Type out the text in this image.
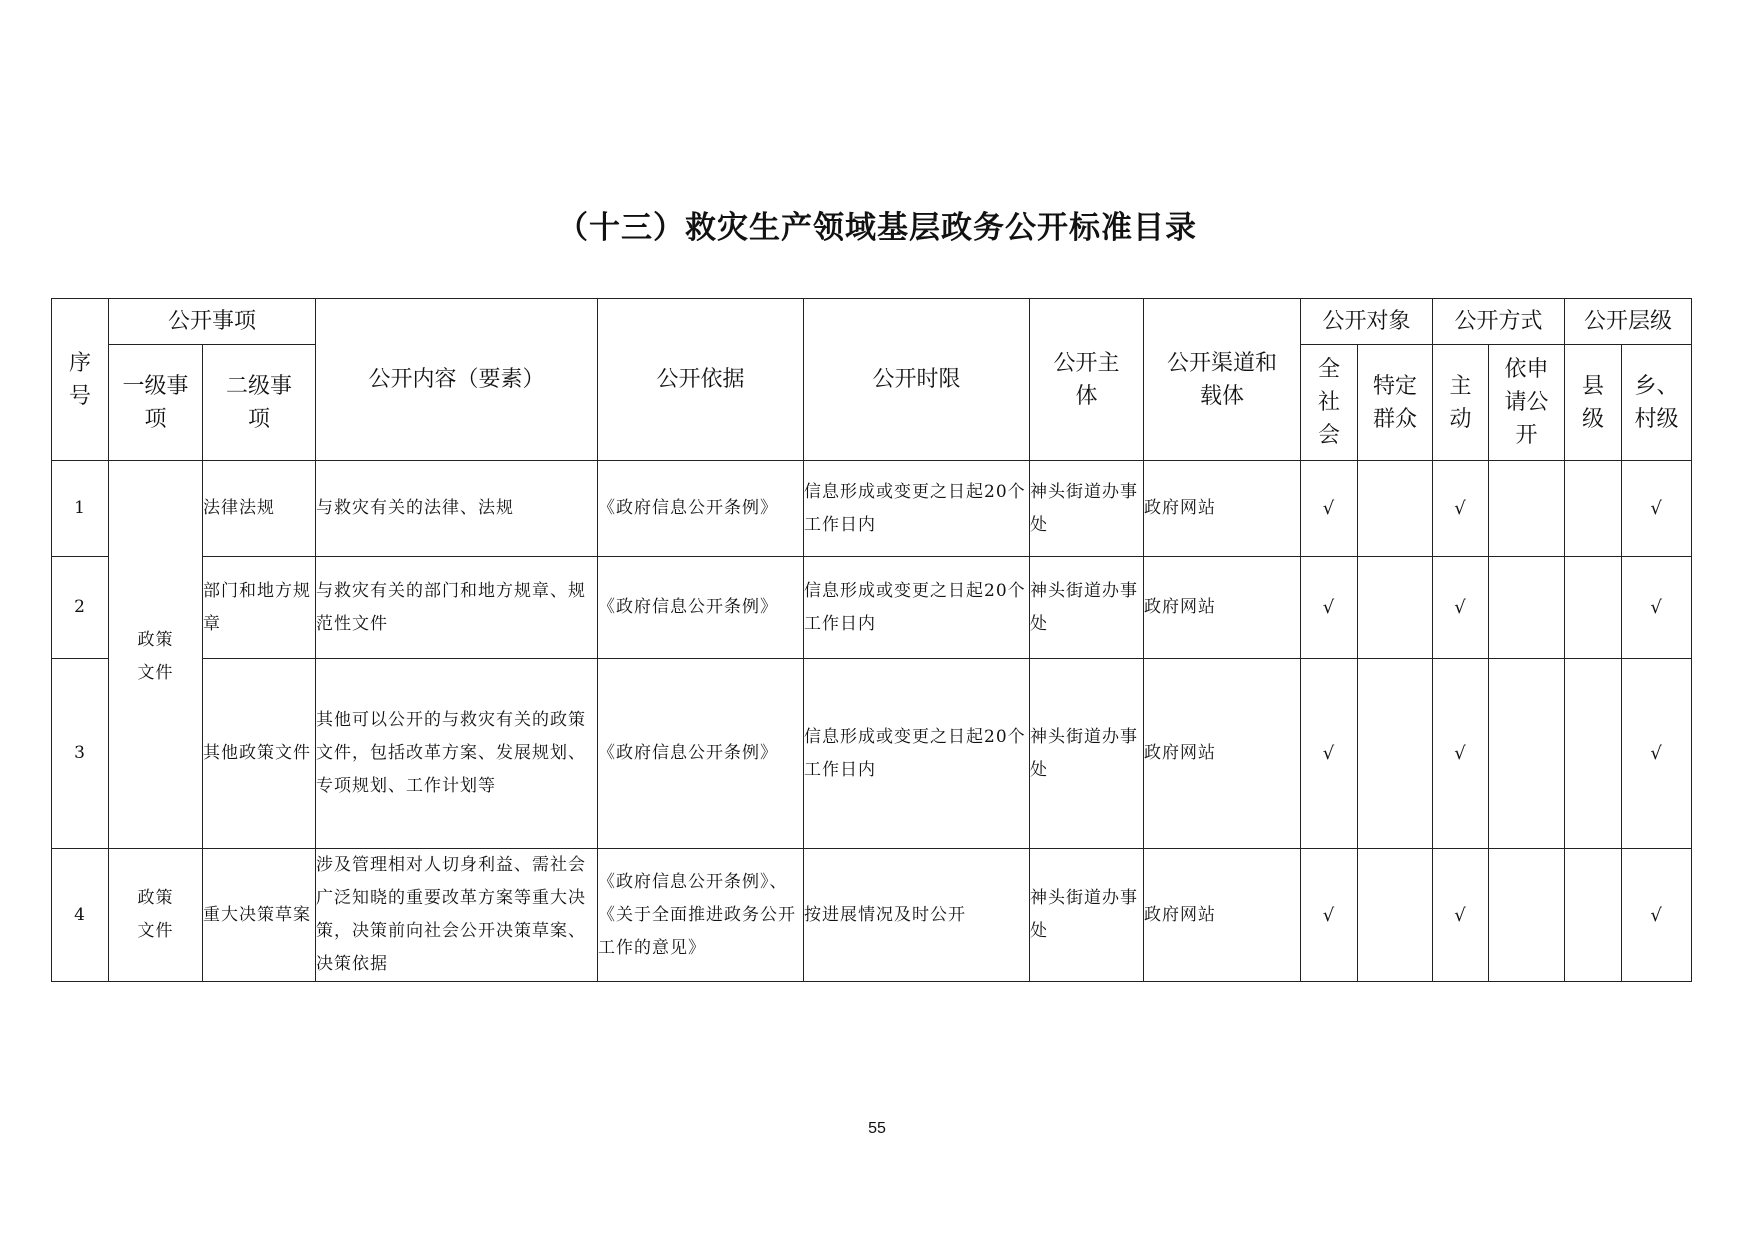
（十三）救灾生产领域基层政务公开标准目录
序号	公开事项		公开内容（要素）	公开依据	公开时限	公开主体	公开渠道和载体	公开对象		公开方式		公开层级	

	一级事项	二级事项						全社会	特定群众	主动	依申请公开	县级	乡、村级

1	政策文件	法律法规	与救灾有关的法律、法规	《政府信息公开条例》	信息形成或变更之日起20个工作日内	神头街道办事处	政府网站	√		√			√
2		部门和地方规章	与救灾有关的部门和地方规章、规范性文件	《政府信息公开条例》	信息形成或变更之日起20个工作日内	神头街道办事处	政府网站	√		√			√
3		其他政策文件	其他可以公开的与救灾有关的政策文件，包括改革方案、发展规划、专项规划、工作计划等	《政府信息公开条例》	信息形成或变更之日起20个工作日内	神头街道办事处	政府网站	√		√			√
4	政策文件	重大决策草案	涉及管理相对人切身利益、需社会广泛知晓的重要改革方案等重大决策，决策前向社会公开决策草案、决策依据	《政府信息公开条例》、《关于全面推进政务公开工作的意见》	按进展情况及时公开	神头街道办事处	政府网站	√		√			√
55
